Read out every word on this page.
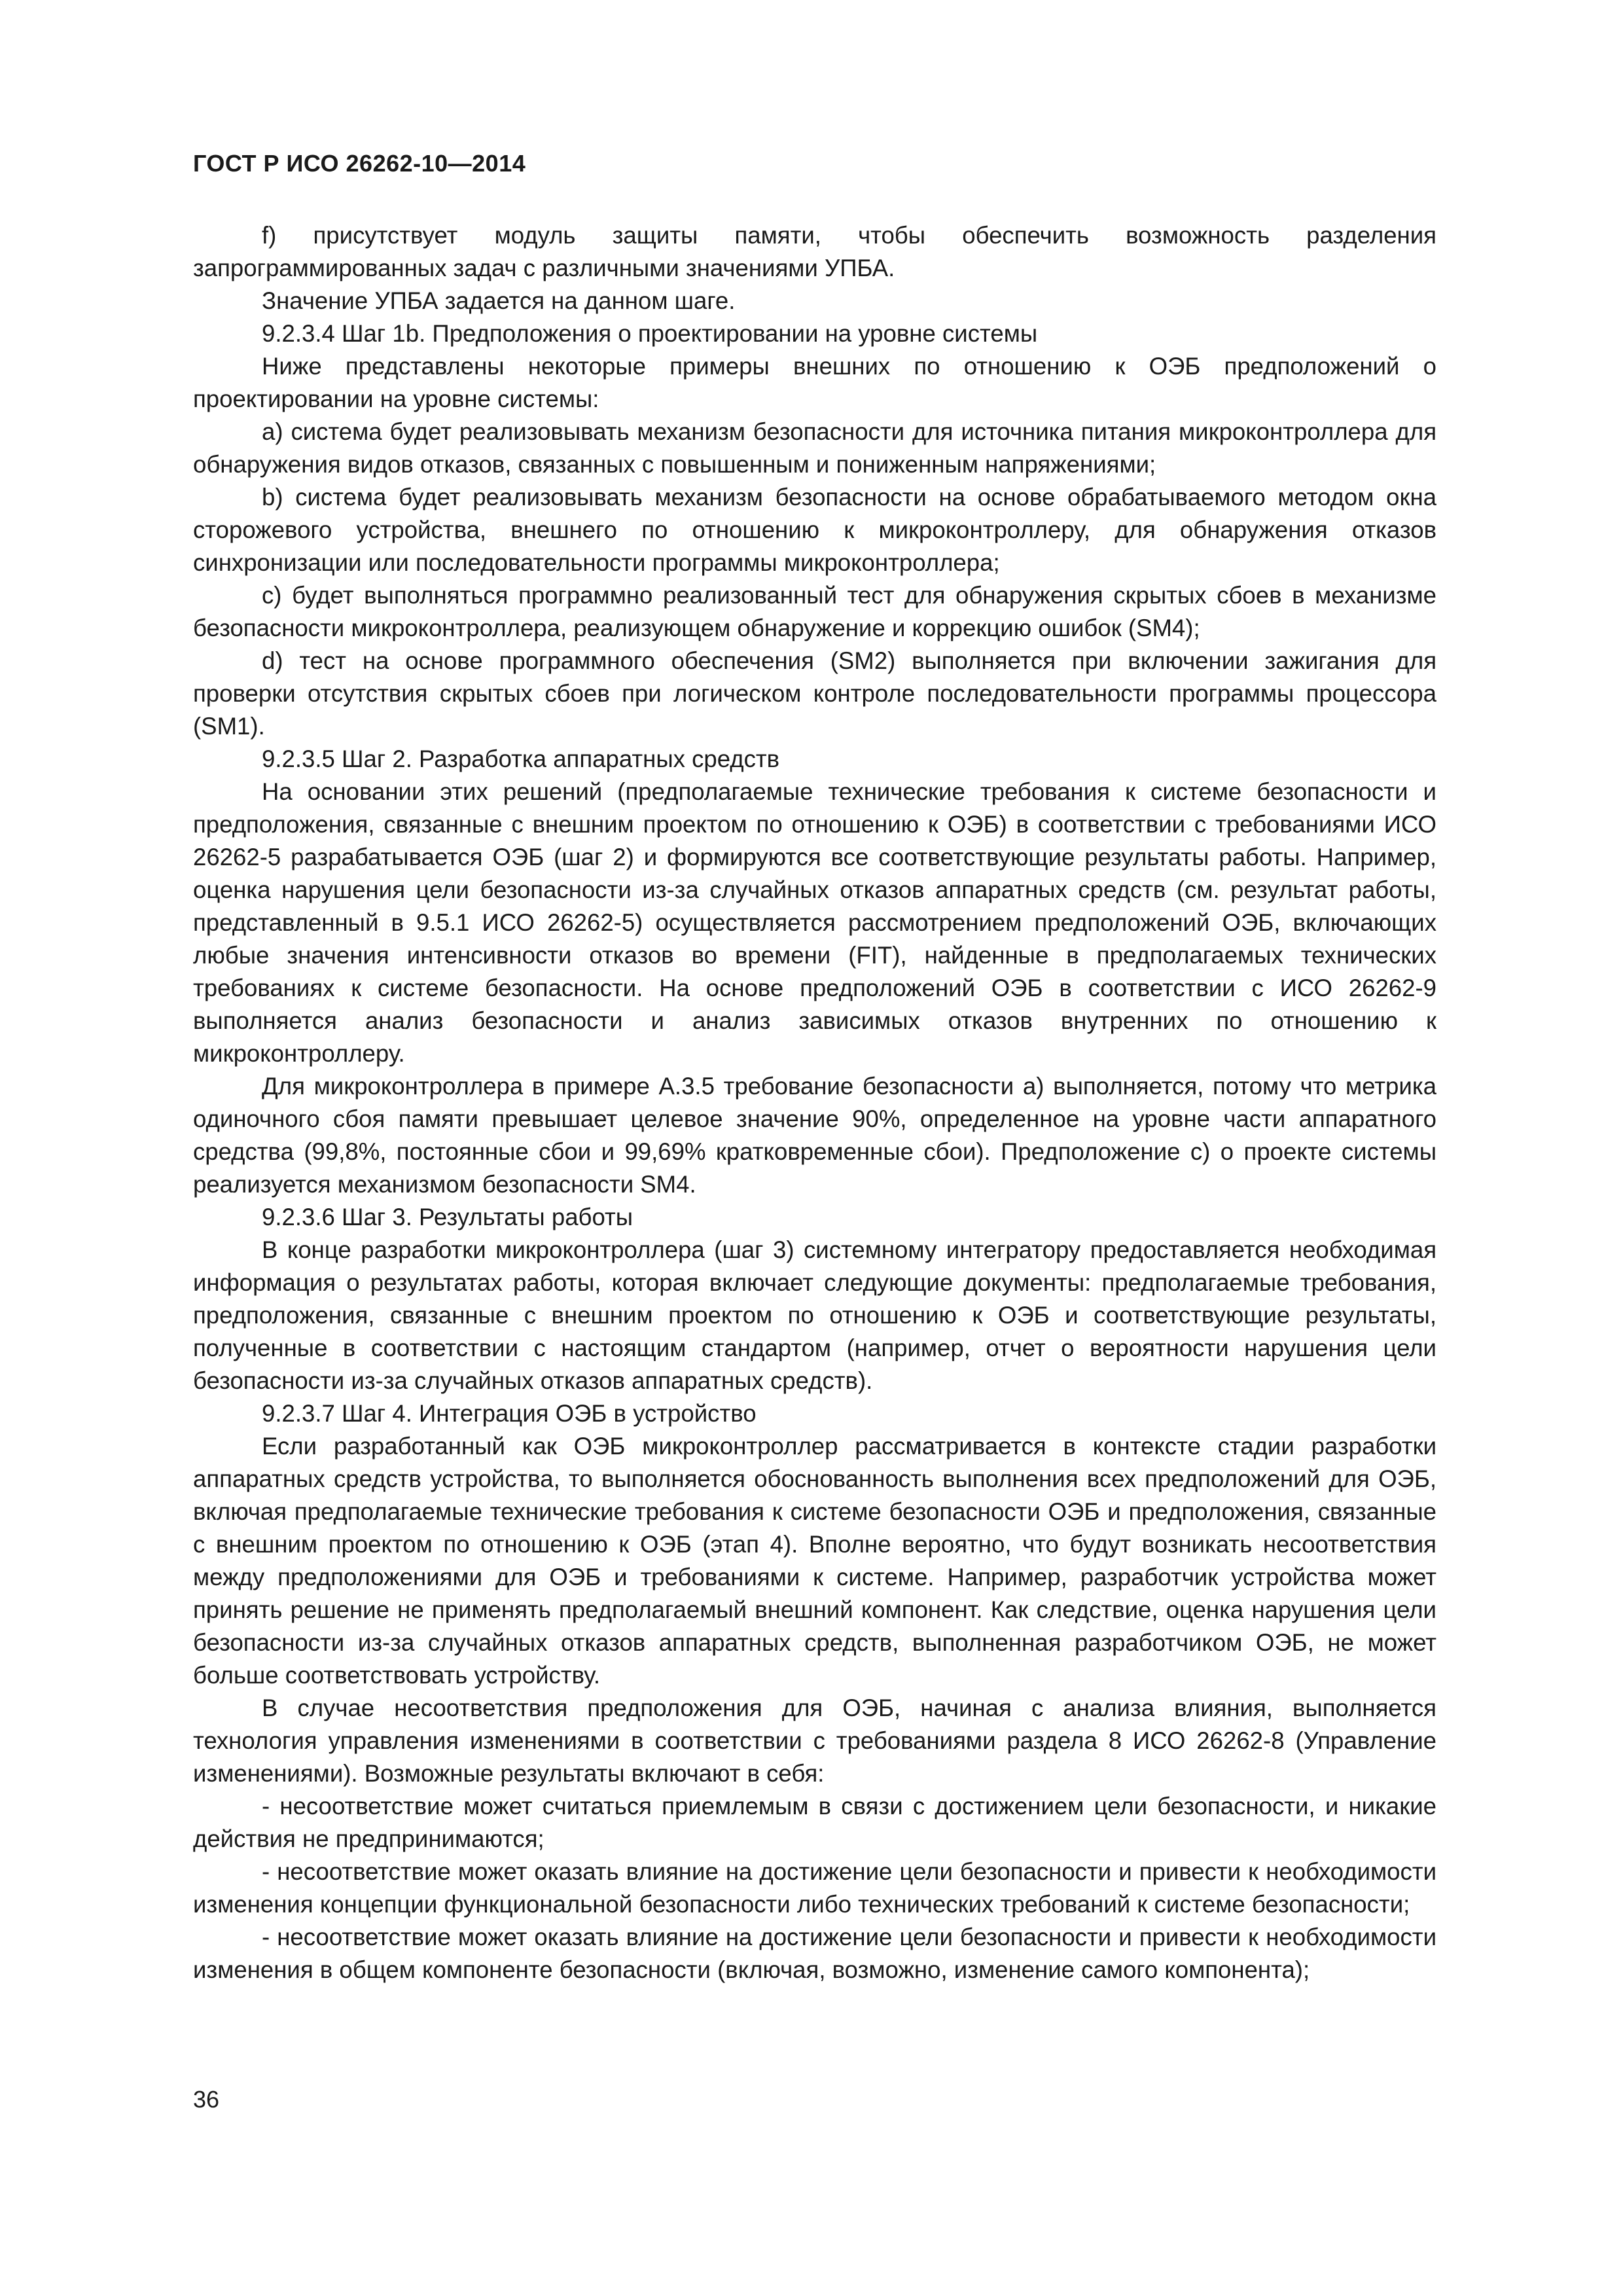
ГОСТ Р ИСО 26262-10—2014

f) присутствует модуль защиты памяти, чтобы обеспечить возможность разделения запрограммированных задач с различными значениями УПБА.

Значение УПБА задается на данном шаге.

9.2.3.4 Шаг 1b. Предположения о проектировании на уровне системы

Ниже представлены некоторые примеры внешних по отношению к ОЭБ предположений о проектировании на уровне системы:

a) система будет реализовывать механизм безопасности для источника питания микроконтроллера для обнаружения видов отказов, связанных с повышенным и пониженным напряжениями;

b) система будет реализовывать механизм безопасности на основе обрабатываемого методом окна сторожевого устройства, внешнего по отношению к микроконтроллеру, для обнаружения отказов синхронизации или последовательности программы микроконтроллера;

c) будет выполняться программно реализованный тест для обнаружения скрытых сбоев в механизме безопасности микроконтроллера, реализующем обнаружение и коррекцию ошибок (SM4);

d) тест на основе программного обеспечения (SM2) выполняется при включении зажигания для проверки отсутствия скрытых сбоев при логическом контроле последовательности программы процессора (SM1).

9.2.3.5 Шаг 2. Разработка аппаратных средств

На основании этих решений (предполагаемые технические требования к системе безопасности и предположения, связанные с внешним проектом по отношению к ОЭБ) в соответствии с требованиями ИСО 26262-5 разрабатывается ОЭБ (шаг 2) и формируются все соответствующие результаты работы. Например, оценка нарушения цели безопасности из-за случайных отказов аппаратных средств (см. результат работы, представленный в 9.5.1 ИСО 26262-5) осуществляется рассмотрением предположений ОЭБ, включающих любые значения интенсивности отказов во времени (FIT), найденные в предполагаемых технических требованиях к системе безопасности. На основе предположений ОЭБ в соответствии с ИСО 26262-9 выполняется анализ безопасности и анализ зависимых отказов внутренних по отношению к микроконтроллеру.

Для микроконтроллера в примере А.3.5 требование безопасности a) выполняется, потому что метрика одиночного сбоя памяти превышает целевое значение 90%, определенное на уровне части аппаратного средства (99,8%, постоянные сбои и 99,69% кратковременные сбои). Предположение c) о проекте системы реализуется механизмом безопасности SM4.

9.2.3.6 Шаг 3. Результаты работы

В конце разработки микроконтроллера (шаг 3) системному интегратору предоставляется необходимая информация о результатах работы, которая включает следующие документы: предполагаемые требования, предположения, связанные с внешним проектом по отношению к ОЭБ и соответствующие результаты, полученные в соответствии с настоящим стандартом (например, отчет о вероятности нарушения цели безопасности из-за случайных отказов аппаратных средств).

9.2.3.7 Шаг 4. Интеграция ОЭБ в устройство

Если разработанный как ОЭБ микроконтроллер рассматривается в контексте стадии разработки аппаратных средств устройства, то выполняется обоснованность выполнения всех предположений для ОЭБ, включая предполагаемые технические требования к системе безопасности ОЭБ и предположения, связанные с внешним проектом по отношению к ОЭБ (этап 4). Вполне вероятно, что будут возникать несоответствия между предположениями для ОЭБ и требованиями к системе. Например, разработчик устройства может принять решение не применять предполагаемый внешний компонент. Как следствие, оценка нарушения цели безопасности из-за случайных отказов аппаратных средств, выполненная разработчиком ОЭБ, не может больше соответствовать устройству.

В случае несоответствия предположения для ОЭБ, начиная с анализа влияния, выполняется технология управления изменениями в соответствии с требованиями раздела 8 ИСО 26262-8 (Управление изменениями). Возможные результаты включают в себя:

- несоответствие может считаться приемлемым в связи с достижением цели безопасности, и никакие действия не предпринимаются;

- несоответствие может оказать влияние на достижение цели безопасности и привести к необходимости изменения концепции функциональной безопасности либо технических требований к системе безопасности;

- несоответствие может оказать влияние на достижение цели безопасности и привести к необходимости изменения в общем компоненте безопасности (включая, возможно, изменение самого компонента);

36
